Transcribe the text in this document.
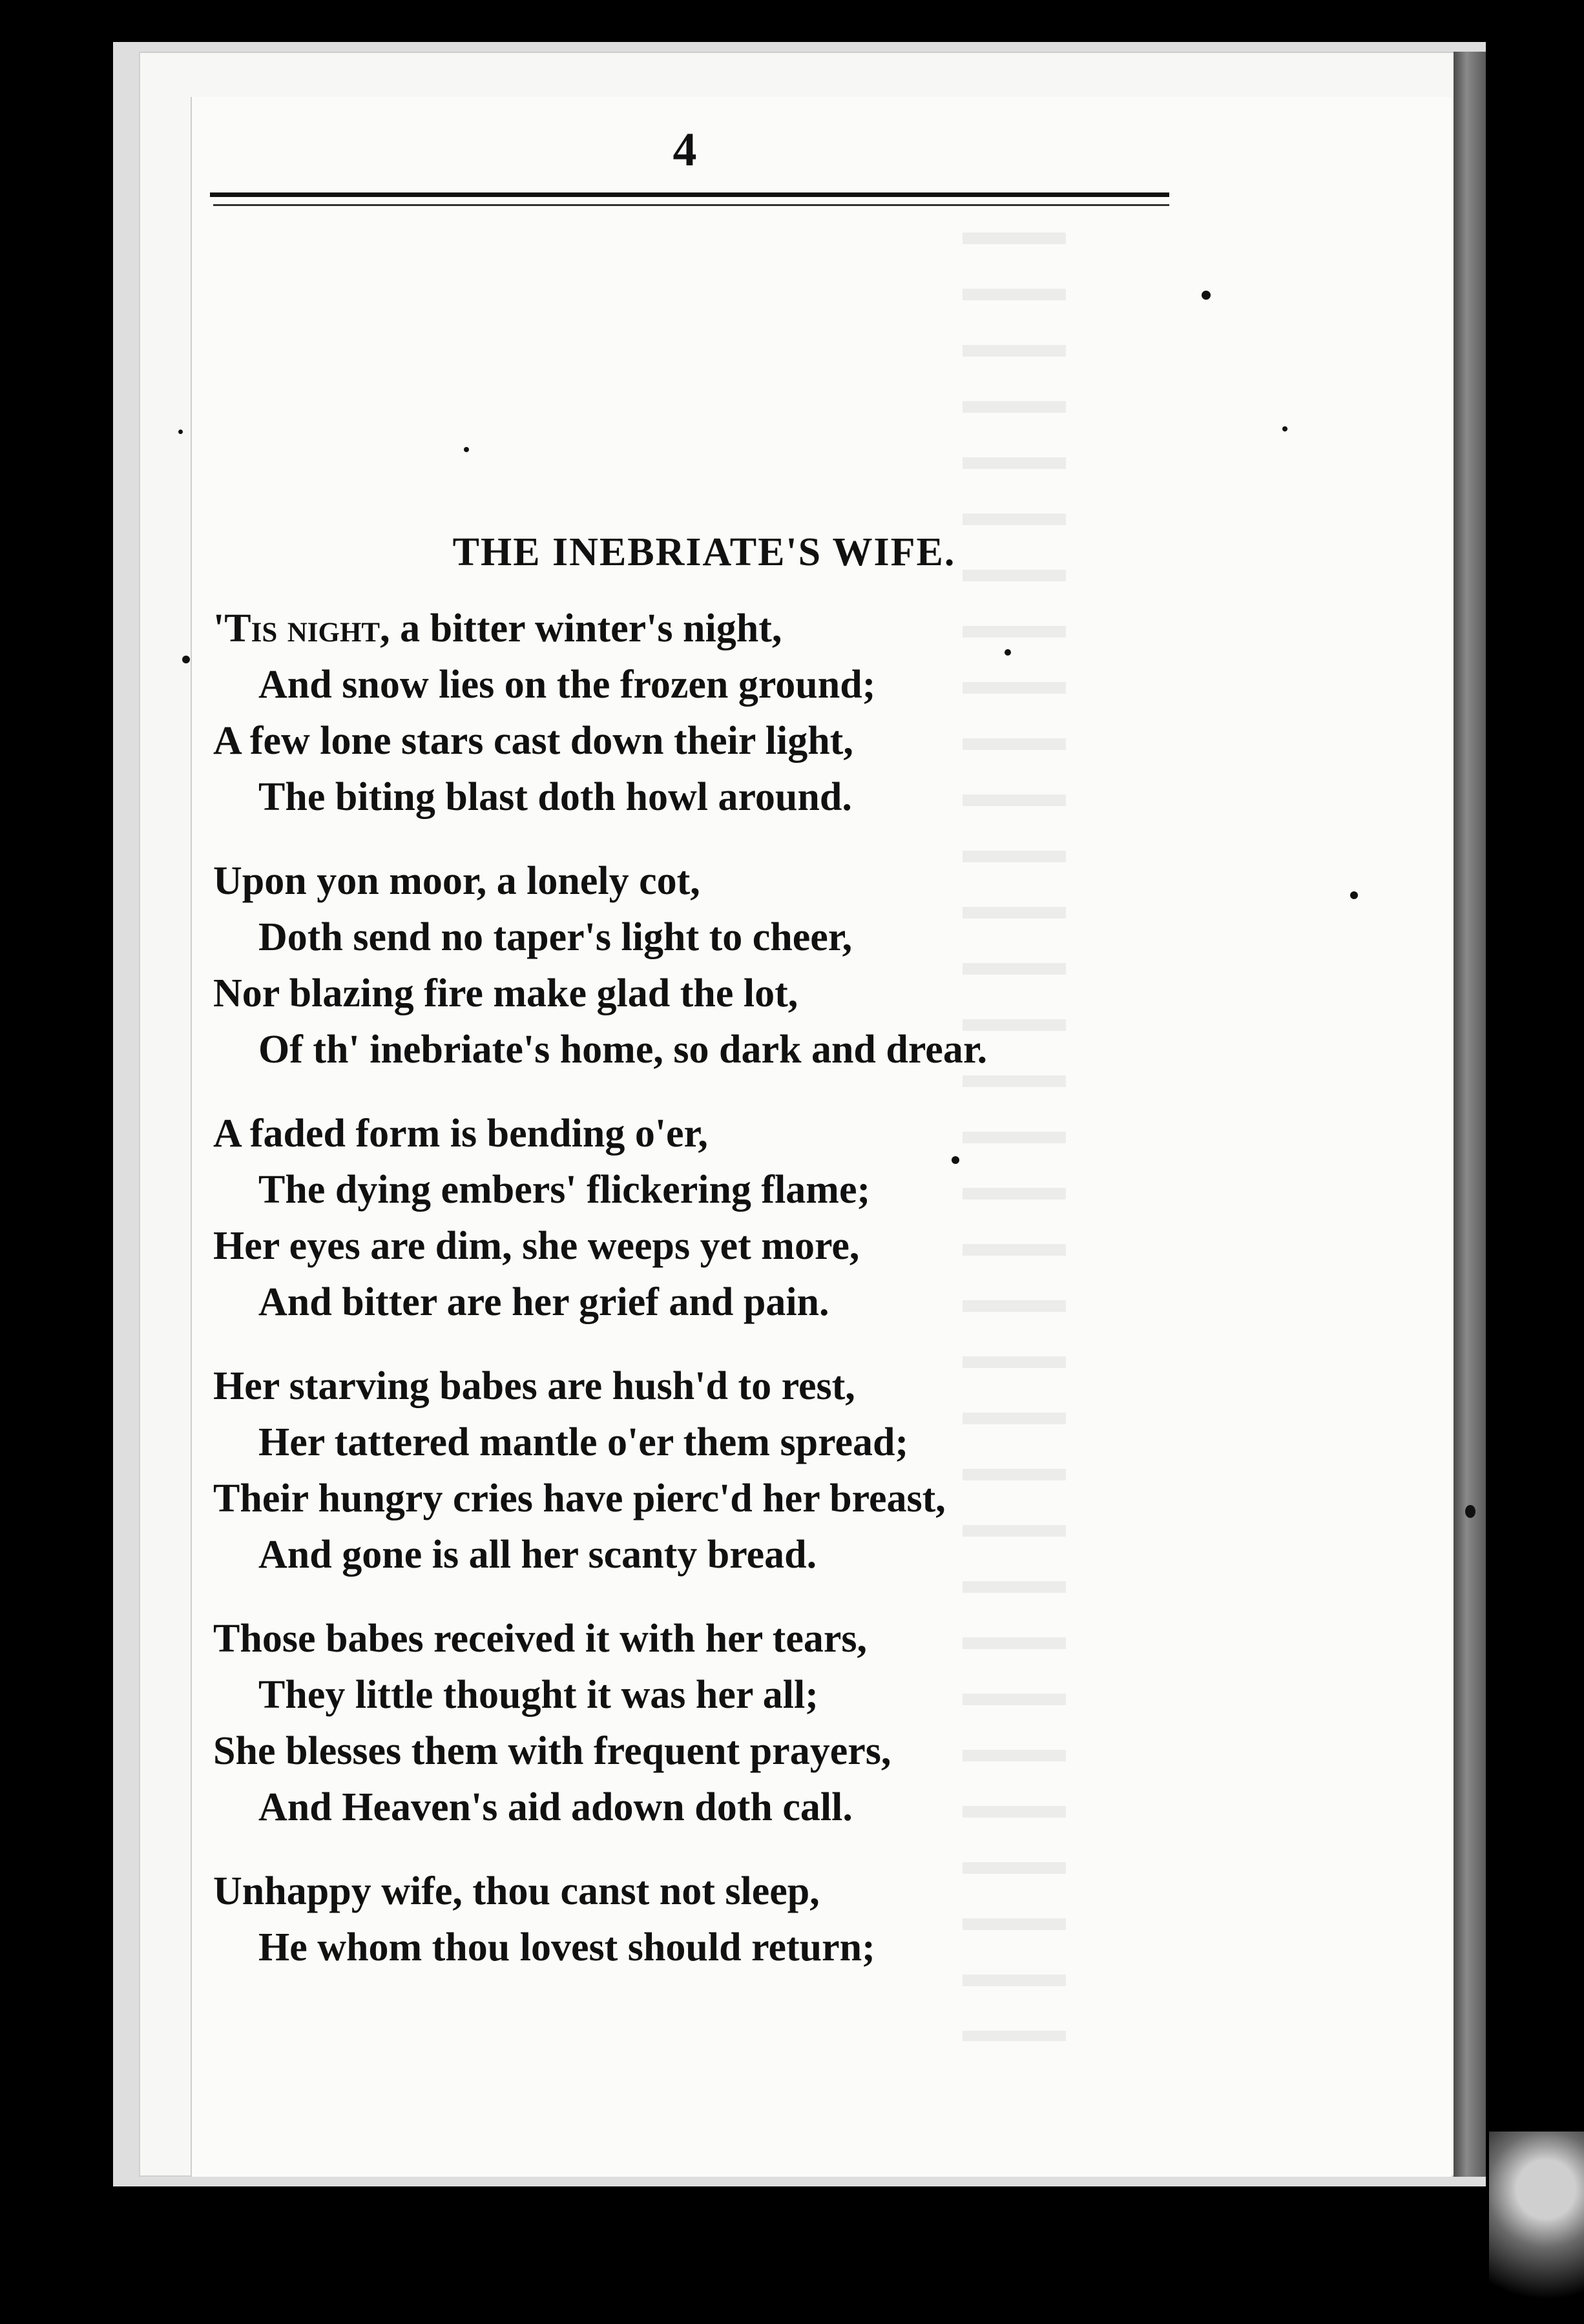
4
THE INEBRIATE'S WIFE.
'Tis night, a bitter winter's night,
And snow lies on the frozen ground;
A few lone stars cast down their light,
The biting blast doth howl around.
Upon yon moor, a lonely cot,
Doth send no taper's light to cheer,
Nor blazing fire make glad the lot,
Of th' inebriate's home, so dark and drear.
A faded form is bending o'er,
The dying embers' flickering flame;
Her eyes are dim, she weeps yet more,
And bitter are her grief and pain.
Her starving babes are hush'd to rest,
Her tattered mantle o'er them spread;
Their hungry cries have pierc'd her breast,
And gone is all her scanty bread.
Those babes received it with her tears,
They little thought it was her all;
She blesses them with frequent prayers,
And Heaven's aid adown doth call.
Unhappy wife, thou canst not sleep,
He whom thou lovest should return;
